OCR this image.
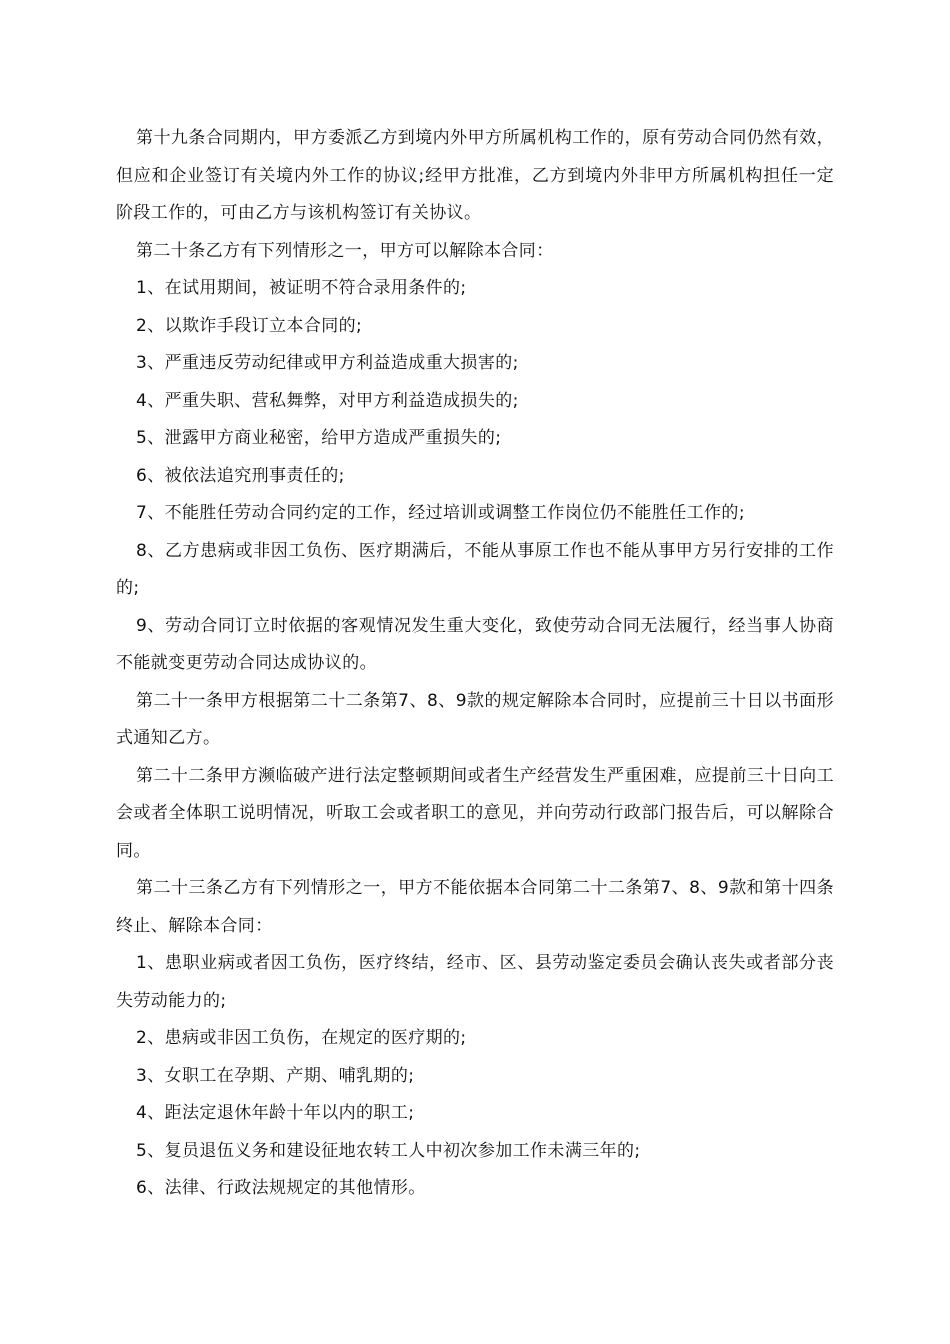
第十九条合同期内，甲方委派乙方到境内外甲方所属机构工作的，原有劳动合同仍然有效，但应和企业签订有关境内外工作的协议;经甲方批准，乙方到境内外非甲方所属机构担任一定阶段工作的，可由乙方与该机构签订有关协议。

第二十条乙方有下列情形之一，甲方可以解除本合同：

1、在试用期间，被证明不符合录用条件的;

2、以欺诈手段订立本合同的;

3、严重违反劳动纪律或甲方利益造成重大损害的;

4、严重失职、营私舞弊，对甲方利益造成损失的;

5、泄露甲方商业秘密，给甲方造成严重损失的;

6、被依法追究刑事责任的;

7、不能胜任劳动合同约定的工作，经过培训或调整工作岗位仍不能胜任工作的;

8、乙方患病或非因工负伤、医疗期满后，不能从事原工作也不能从事甲方另行安排的工作的;

9、劳动合同订立时依据的客观情况发生重大变化，致使劳动合同无法履行，经当事人协商不能就变更劳动合同达成协议的。

第二十一条甲方根据第二十二条第7、8、9款的规定解除本合同时，应提前三十日以书面形式通知乙方。

第二十二条甲方濒临破产进行法定整顿期间或者生产经营发生严重困难，应提前三十日向工会或者全体职工说明情况，听取工会或者职工的意见，并向劳动行政部门报告后，可以解除合同。

第二十三条乙方有下列情形之一，甲方不能依据本合同第二十二条第7、8、9款和第十四条终止、解除本合同：

1、患职业病或者因工负伤，医疗终结，经市、区、县劳动鉴定委员会确认丧失或者部分丧失劳动能力的;

2、患病或非因工负伤，在规定的医疗期的;

3、女职工在孕期、产期、哺乳期的;

4、距法定退休年龄十年以内的职工;

5、复员退伍义务和建设征地农转工人中初次参加工作未满三年的;

6、法律、行政法规规定的其他情形。
